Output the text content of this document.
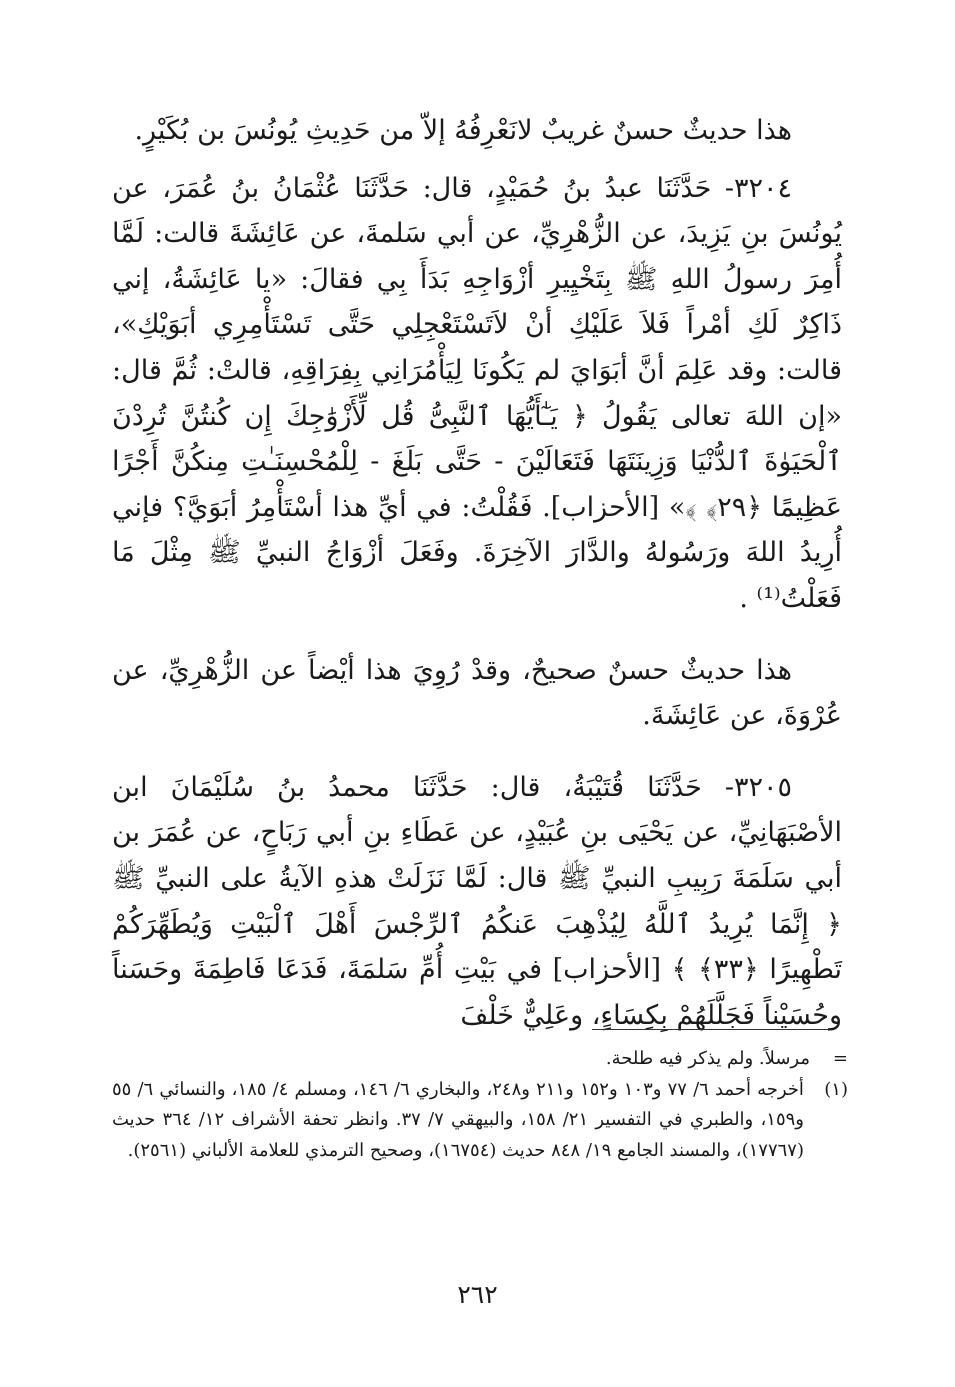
هذا حديثٌ حسنٌ غريبٌ لانَعْرِفُهُ إلاّ من حَدِيثِ يُونُسَ بن بُكَيْرٍ.

٣٢٠٤- حَدَّثَنَا عبدُ بنُ حُمَيْدٍ، قال: حَدَّثَنَا عُثْمَانُ بنُ عُمَرَ، عن يُونُسَ بنِ يَزِيدَ، عن الزُّهْرِيِّ، عن أبي سَلمةَ، عن عَائِشَةَ قالت: لَمَّا أُمِرَ رسولُ اللهِ ﷺ بِتَخْيِيرِ أزْوَاجِهِ بَدَأَ بِي فقالَ: «يا عَائِشَةُ، إني ذَاكِرٌ لَكِ أمْراً فَلاَ عَلَيْكِ أنْ لاَتَسْتَعْجِلِي حَتَّى تَسْتَأْمِرِي أبَوَيْكِ»، قالت: وقد عَلِمَ أنَّ أبَوَايَ لم يَكُونَا لِيَأْمُرَانِي بِفِرَاقِهِ، قالتْ: ثُمَّ قال: «إن اللهَ تعالى يَقُولُ ﴿ يَـٰٓأَيُّهَا ٱلنَّبِىُّ قُل لِّأَزْوَٰجِكَ إِن كُنتُنَّ تُرِدْنَ ٱلْحَيَوٰةَ ٱلدُّنْيَا وَزِينَتَهَا فَتَعَالَيْنَ - حَتَّى بَلَغَ - لِلْمُحْسِنَـٰتِ مِنكُنَّ أَجْرًا عَظِيمًا ﴿٢٩﴾ ﴾» [الأحزاب]. فَقُلْتُ: في أيِّ هذا أسْتَأْمِرُ أبَوَيَّ؟ فإني أُرِيدُ اللهَ ورَسُولهُ والدَّارَ الآخِرَةَ. وفَعَلَ أزْوَاجُ النبيِّ ﷺ مِثْلَ مَا فَعَلْتُ⁽¹⁾ .

هذا حديثٌ حسنٌ صحيحٌ، وقدْ رُوِيَ هذا أيْضاً عن الزُّهْرِيِّ، عن عُرْوَةَ، عن عَائِشَةَ.

٣٢٠٥- حَدَّثَنَا قُتَيْبَةُ، قال: حَدَّثَنَا محمدُ بنُ سُلَيْمَانَ ابن الأصْبَهَانِيِّ، عن يَحْيَى بنِ عُبَيْدٍ، عن عَطَاءِ بنِ أبي رَبَاحٍ، عن عُمَرَ بن أبي سَلَمَةَ رَبِيبِ النبيِّ ﷺ قال: لَمَّا نَزَلَتْ هذهِ الآيةُ على النبيِّ ﷺ ﴿ إِنَّمَا يُرِيدُ ٱللَّهُ لِيُذْهِبَ عَنكُمُ ٱلرِّجْسَ أَهْلَ ٱلْبَيْتِ وَيُطَهِّرَكُمْ تَطْهِيرًا ﴿٣٣﴾ ﴾ [الأحزاب] في بَيْتِ أُمِّ سَلمَةَ، فَدَعَا فَاطِمَةَ وحَسَناً وحُسَيْناً فَجَلَّلَهُمْ بِكِسَاءٍ، وعَلِيٌّ خَلْفَ

=
مرسلاً. ولم يذكر فيه طلحة.
(١)
أخرجه أحمد ٦/ ٧٧ و١٠٣ و١٥٢ و٢١١ و٢٤٨، والبخاري ٦/ ١٤٦، ومسلم ٤/ ١٨٥، والنسائي ٦/ ٥٥ و١٥٩، والطبري في التفسير ٢١/ ١٥٨، والبيهقي ٧/ ٣٧. وانظر تحفة الأشراف ١٢/ ٣٦٤ حديث (١٧٧٦٧)، والمسند الجامع ١٩/ ٨٤٨ حديث (١٦٧٥٤)، وصحيح الترمذي للعلامة الألباني (٢٥٦١).
٢٦٢
